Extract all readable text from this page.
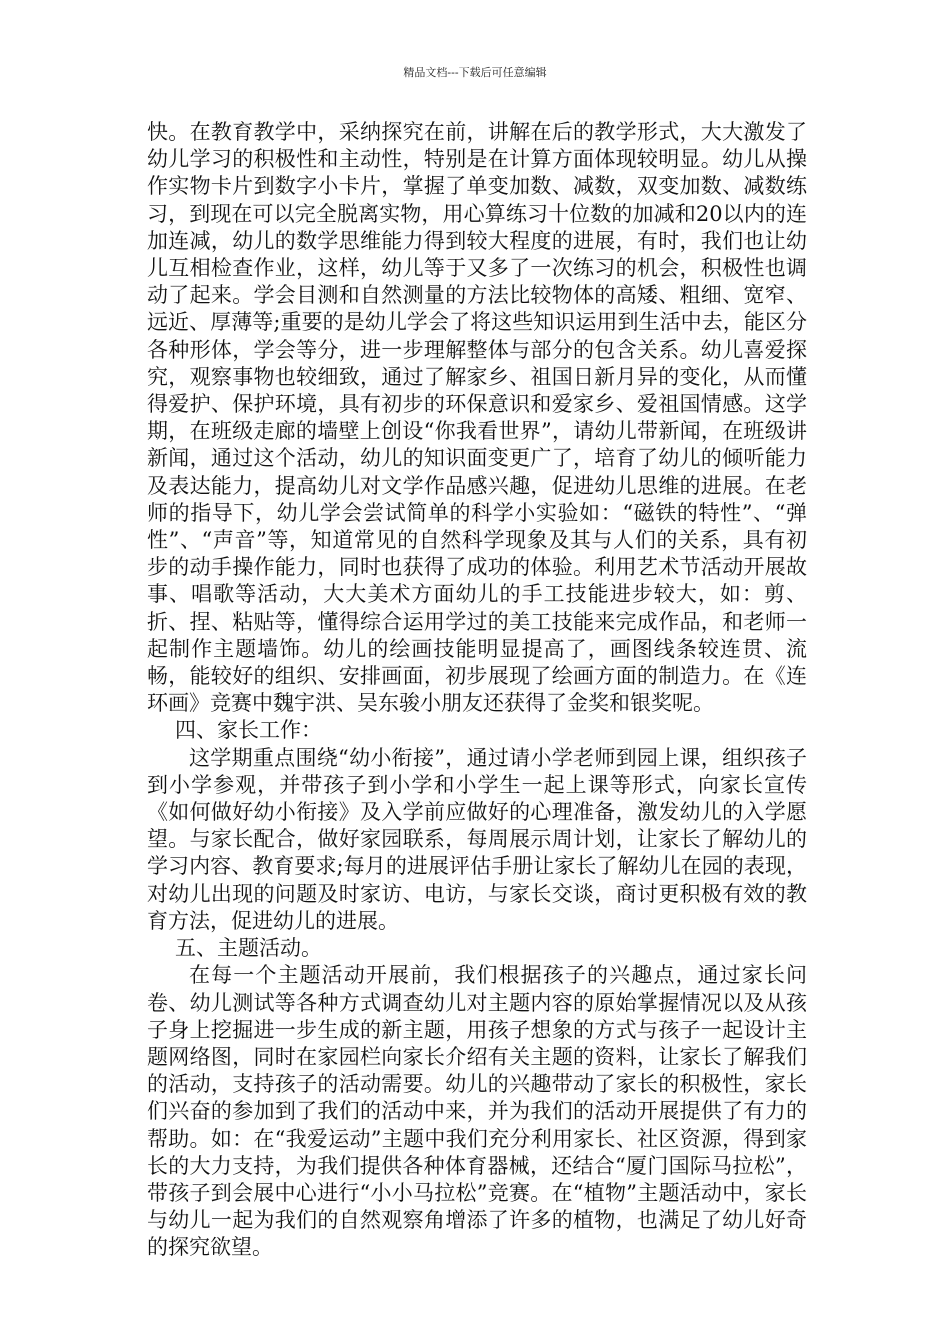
精品文档---下载后可任意编辑

快。在教育教学中，采纳探究在前，讲解在后的教学形式，大大激发了幼儿学习的积极性和主动性，特别是在计算方面体现较明显。幼儿从操作实物卡片到数字小卡片，掌握了单变加数、减数，双变加数、减数练习，到现在可以完全脱离实物，用心算练习十位数的加减和20以内的连加连减，幼儿的数学思维能力得到较大程度的进展，有时，我们也让幼儿互相检查作业，这样，幼儿等于又多了一次练习的机会，积极性也调动了起来。学会目测和自然测量的方法比较物体的高矮、粗细、宽窄、远近、厚薄等;重要的是幼儿学会了将这些知识运用到生活中去，能区分各种形体，学会等分，进一步理解整体与部分的包含关系。幼儿喜爱探究，观察事物也较细致，通过了解家乡、祖国日新月异的变化，从而懂得爱护、保护环境，具有初步的环保意识和爱家乡、爱祖国情感。这学期，在班级走廊的墙壁上创设“你我看世界”，请幼儿带新闻，在班级讲新闻，通过这个活动，幼儿的知识面变更广了，培育了幼儿的倾听能力及表达能力，提高幼儿对文学作品感兴趣，促进幼儿思维的进展。在老师的指导下，幼儿学会尝试简单的科学小实验如：“磁铁的特性”、“弹性”、“声音”等，知道常见的自然科学现象及其与人们的关系，具有初步的动手操作能力，同时也获得了成功的体验。利用艺术节活动开展故事、唱歌等活动，大大美术方面幼儿的手工技能进步较大，如：剪、折、捏、粘贴等，懂得综合运用学过的美工技能来完成作品，和老师一起制作主题墙饰。幼儿的绘画技能明显提高了，画图线条较连贯、流畅，能较好的组织、安排画面，初步展现了绘画方面的制造力。在《连环画》竞赛中魏宇洪、吴东骏小朋友还获得了金奖和银奖呢。

四、家长工作：

这学期重点围绕“幼小衔接”，通过请小学老师到园上课，组织孩子到小学参观，并带孩子到小学和小学生一起上课等形式，向家长宣传《如何做好幼小衔接》及入学前应做好的心理准备，激发幼儿的入学愿望。与家长配合，做好家园联系，每周展示周计划，让家长了解幼儿的学习内容、教育要求;每月的进展评估手册让家长了解幼儿在园的表现，对幼儿出现的问题及时家访、电访，与家长交谈，商讨更积极有效的教育方法，促进幼儿的进展。

五、主题活动。

在每一个主题活动开展前，我们根据孩子的兴趣点，通过家长问卷、幼儿测试等各种方式调查幼儿对主题内容的原始掌握情况以及从孩子身上挖掘进一步生成的新主题，用孩子想象的方式与孩子一起设计主题网络图，同时在家园栏向家长介绍有关主题的资料，让家长了解我们的活动，支持孩子的活动需要。幼儿的兴趣带动了家长的积极性，家长们兴奋的参加到了我们的活动中来，并为我们的活动开展提供了有力的帮助。如：在“我爱运动”主题中我们充分利用家长、社区资源，得到家长的大力支持，为我们提供各种体育器械，还结合“厦门国际马拉松”，带孩子到会展中心进行“小小马拉松”竞赛。在“植物”主题活动中，家长与幼儿一起为我们的自然观察角增添了许多的植物，也满足了幼儿好奇的探究欲望。
